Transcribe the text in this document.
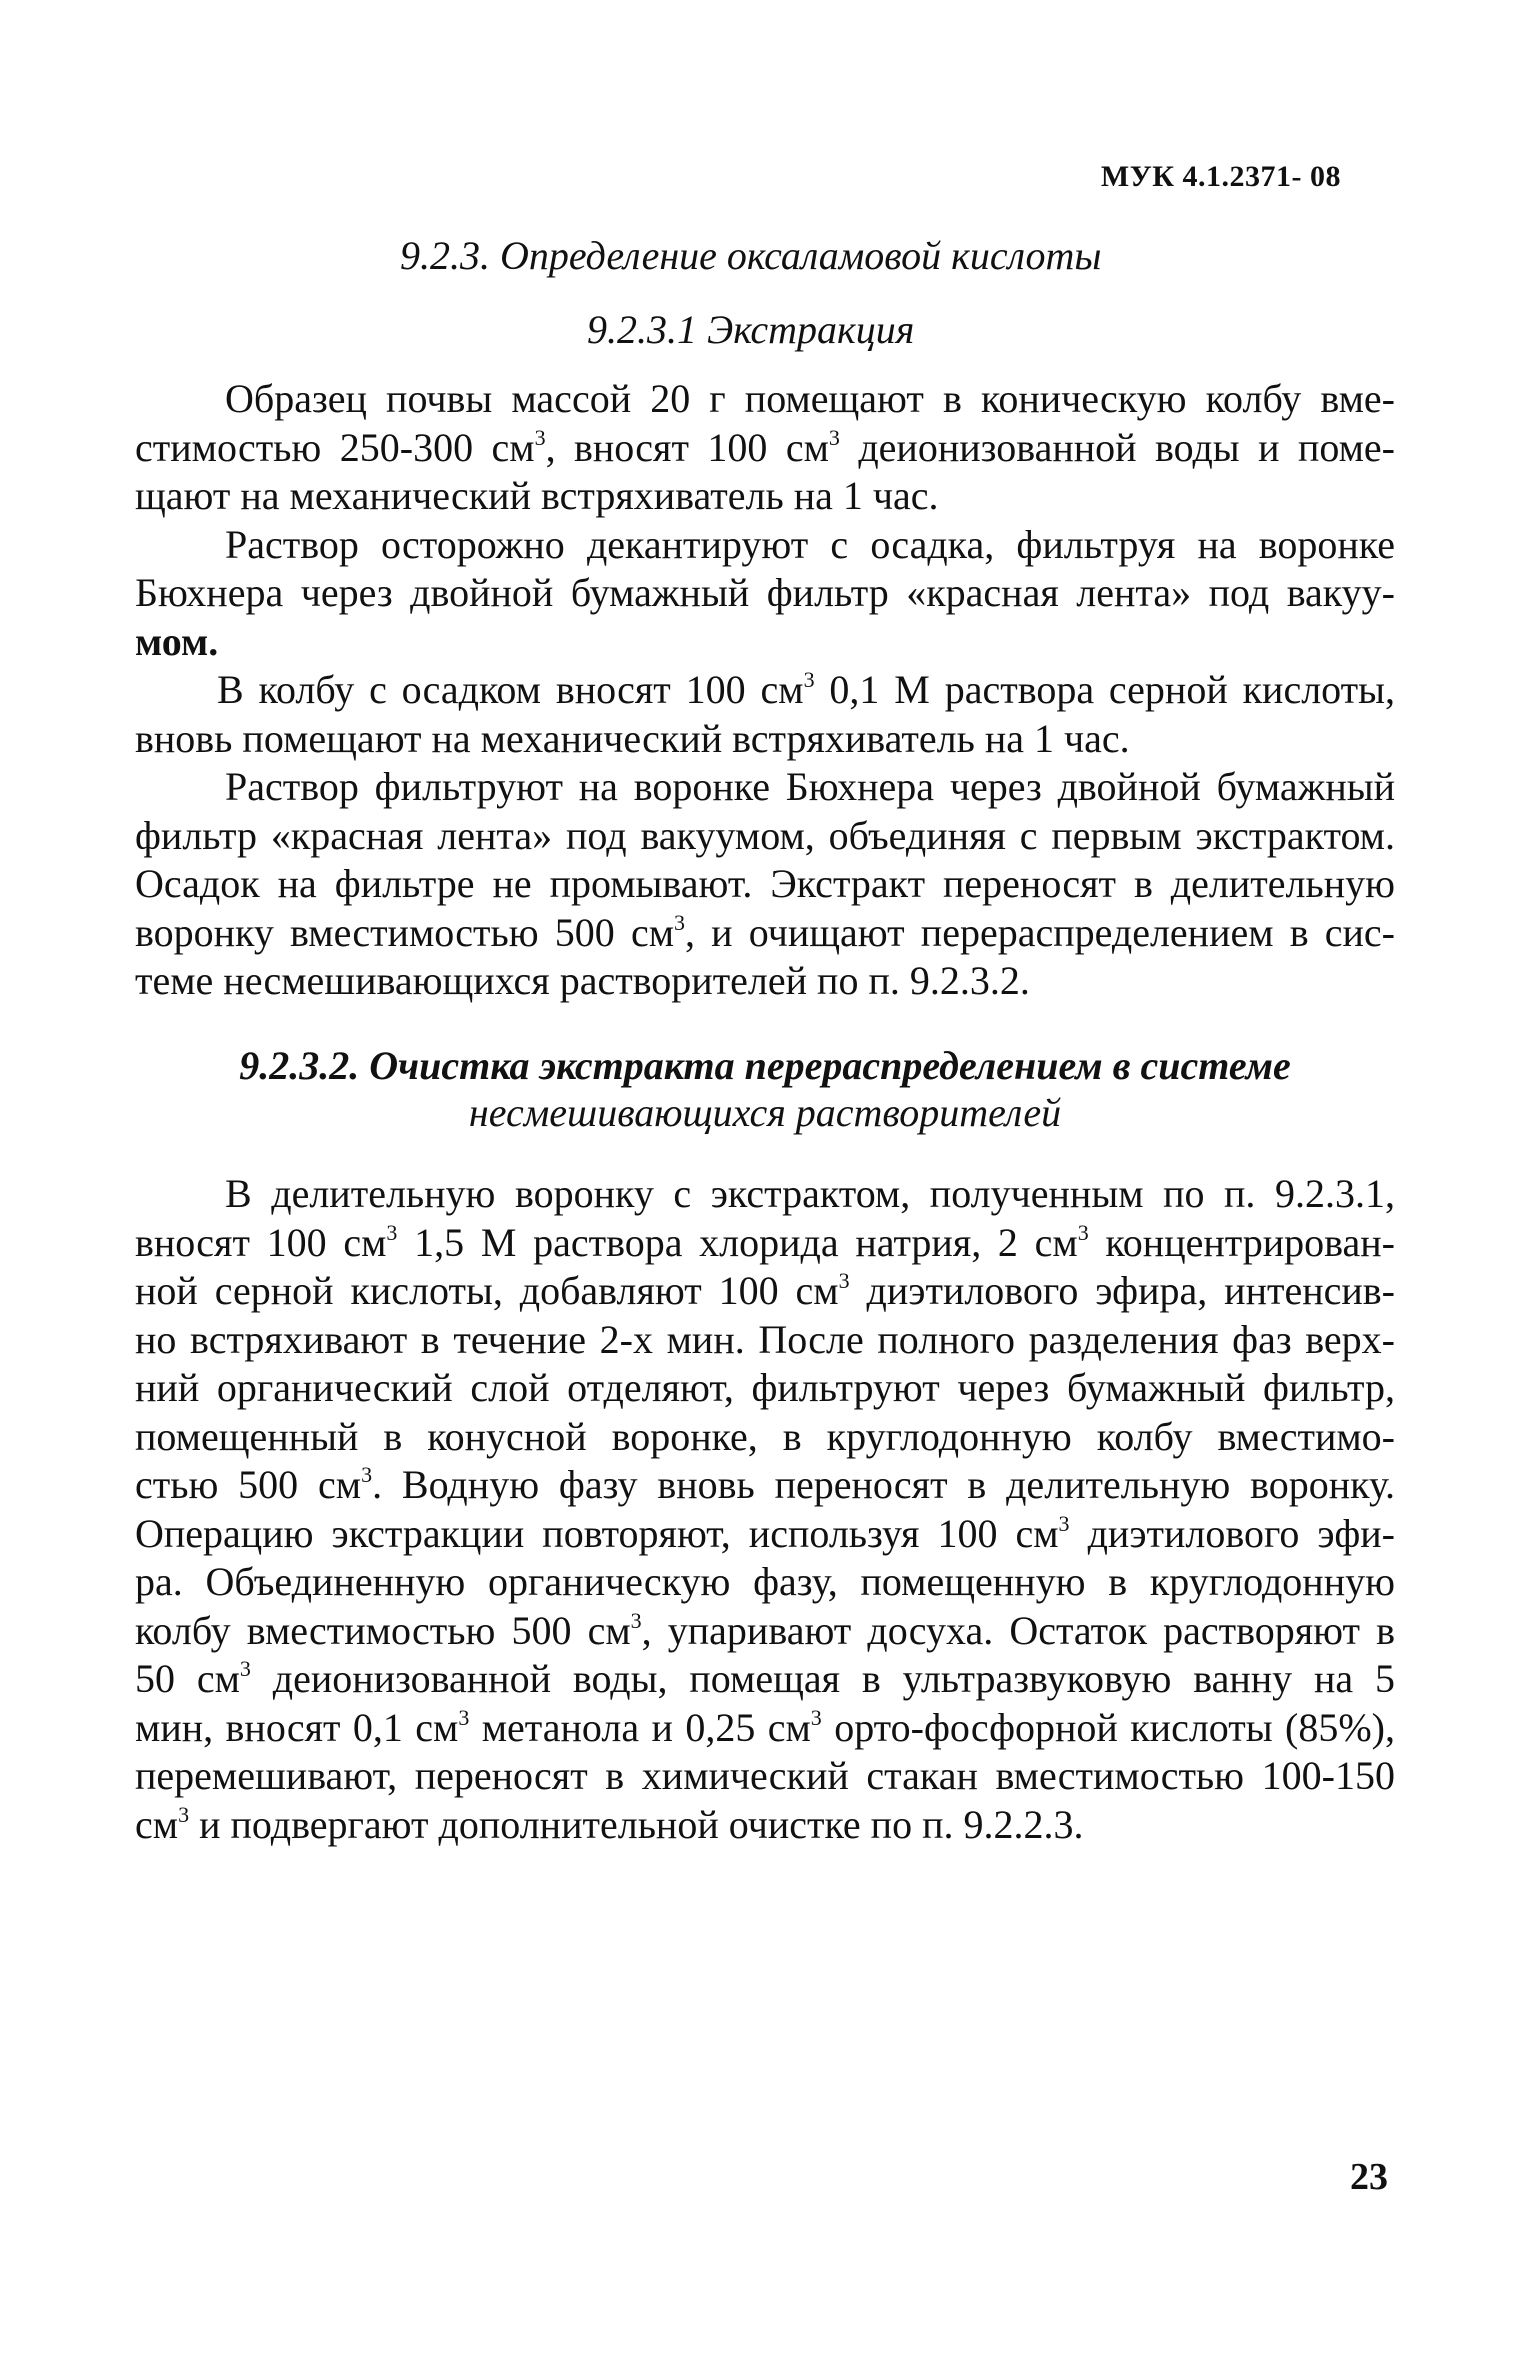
МУК 4.1.2371- 08
9.2.3. Определение оксаламовой кислоты
9.2.3.1 Экстракция
Образец почвы массой 20 г помещают в коническую колбу вме-
стимостью 250-300 $см^3$, вносят 100 $см^3$ деионизованной воды и поме-
щают на механический встряхиватель на 1 час.
Раствор осторожно декантируют с осадка, фильтруя на воронке
Бюхнера через двойной бумажный фильтр «красная лента» под вакуу-
мом.
В колбу с осадком вносят 100 $см^3$ 0,1 М раствора серной кислоты,
вновь помещают на механический встряхиватель на 1 час.
Раствор фильтруют на воронке Бюхнера через двойной бумажный
фильтр «красная лента» под вакуумом, объединяя с первым экстрактом.
Осадок на фильтре не промывают. Экстракт переносят в делительную
воронку вместимостью 500 $см^3$, и очищают перераспределением в сис-
теме несмешивающихся растворителей по п. 9.2.3.2.
9.2.3.2. Очистка экстракта перераспределением в системе
несмешивающихся растворителей
В делительную воронку с экстрактом, полученным по п. 9.2.3.1,
вносят 100 $см^3$ 1,5 М раствора хлорида натрия, 2 $см^3$ концентрирован-
ной серной кислоты, добавляют 100 $см^3$ диэтилового эфира, интенсив-
но встряхивают в течение 2-х мин. После полного разделения фаз верх-
ний органический слой отделяют, фильтруют через бумажный фильтр,
помещенный в конусной воронке, в круглодонную колбу вместимо-
стью 500 $см^3$. Водную фазу вновь переносят в делительную воронку.
Операцию экстракции повторяют, используя 100 $см^3$ диэтилового эфи-
ра. Объединенную органическую фазу, помещенную в круглодонную
колбу вместимостью 500 $см^3$, упаривают досуха. Остаток растворяют в
50 $см^3$ деионизованной воды, помещая в ультразвуковую ванну на 5
мин, вносят 0,1 $см^3$ метанола и 0,25 $см^3$ орто-фосфорной кислоты (85%),
перемешивают, переносят в химический стакан вместимостью 100-150
$см^3$ и подвергают дополнительной очистке по п. 9.2.2.3.
23
